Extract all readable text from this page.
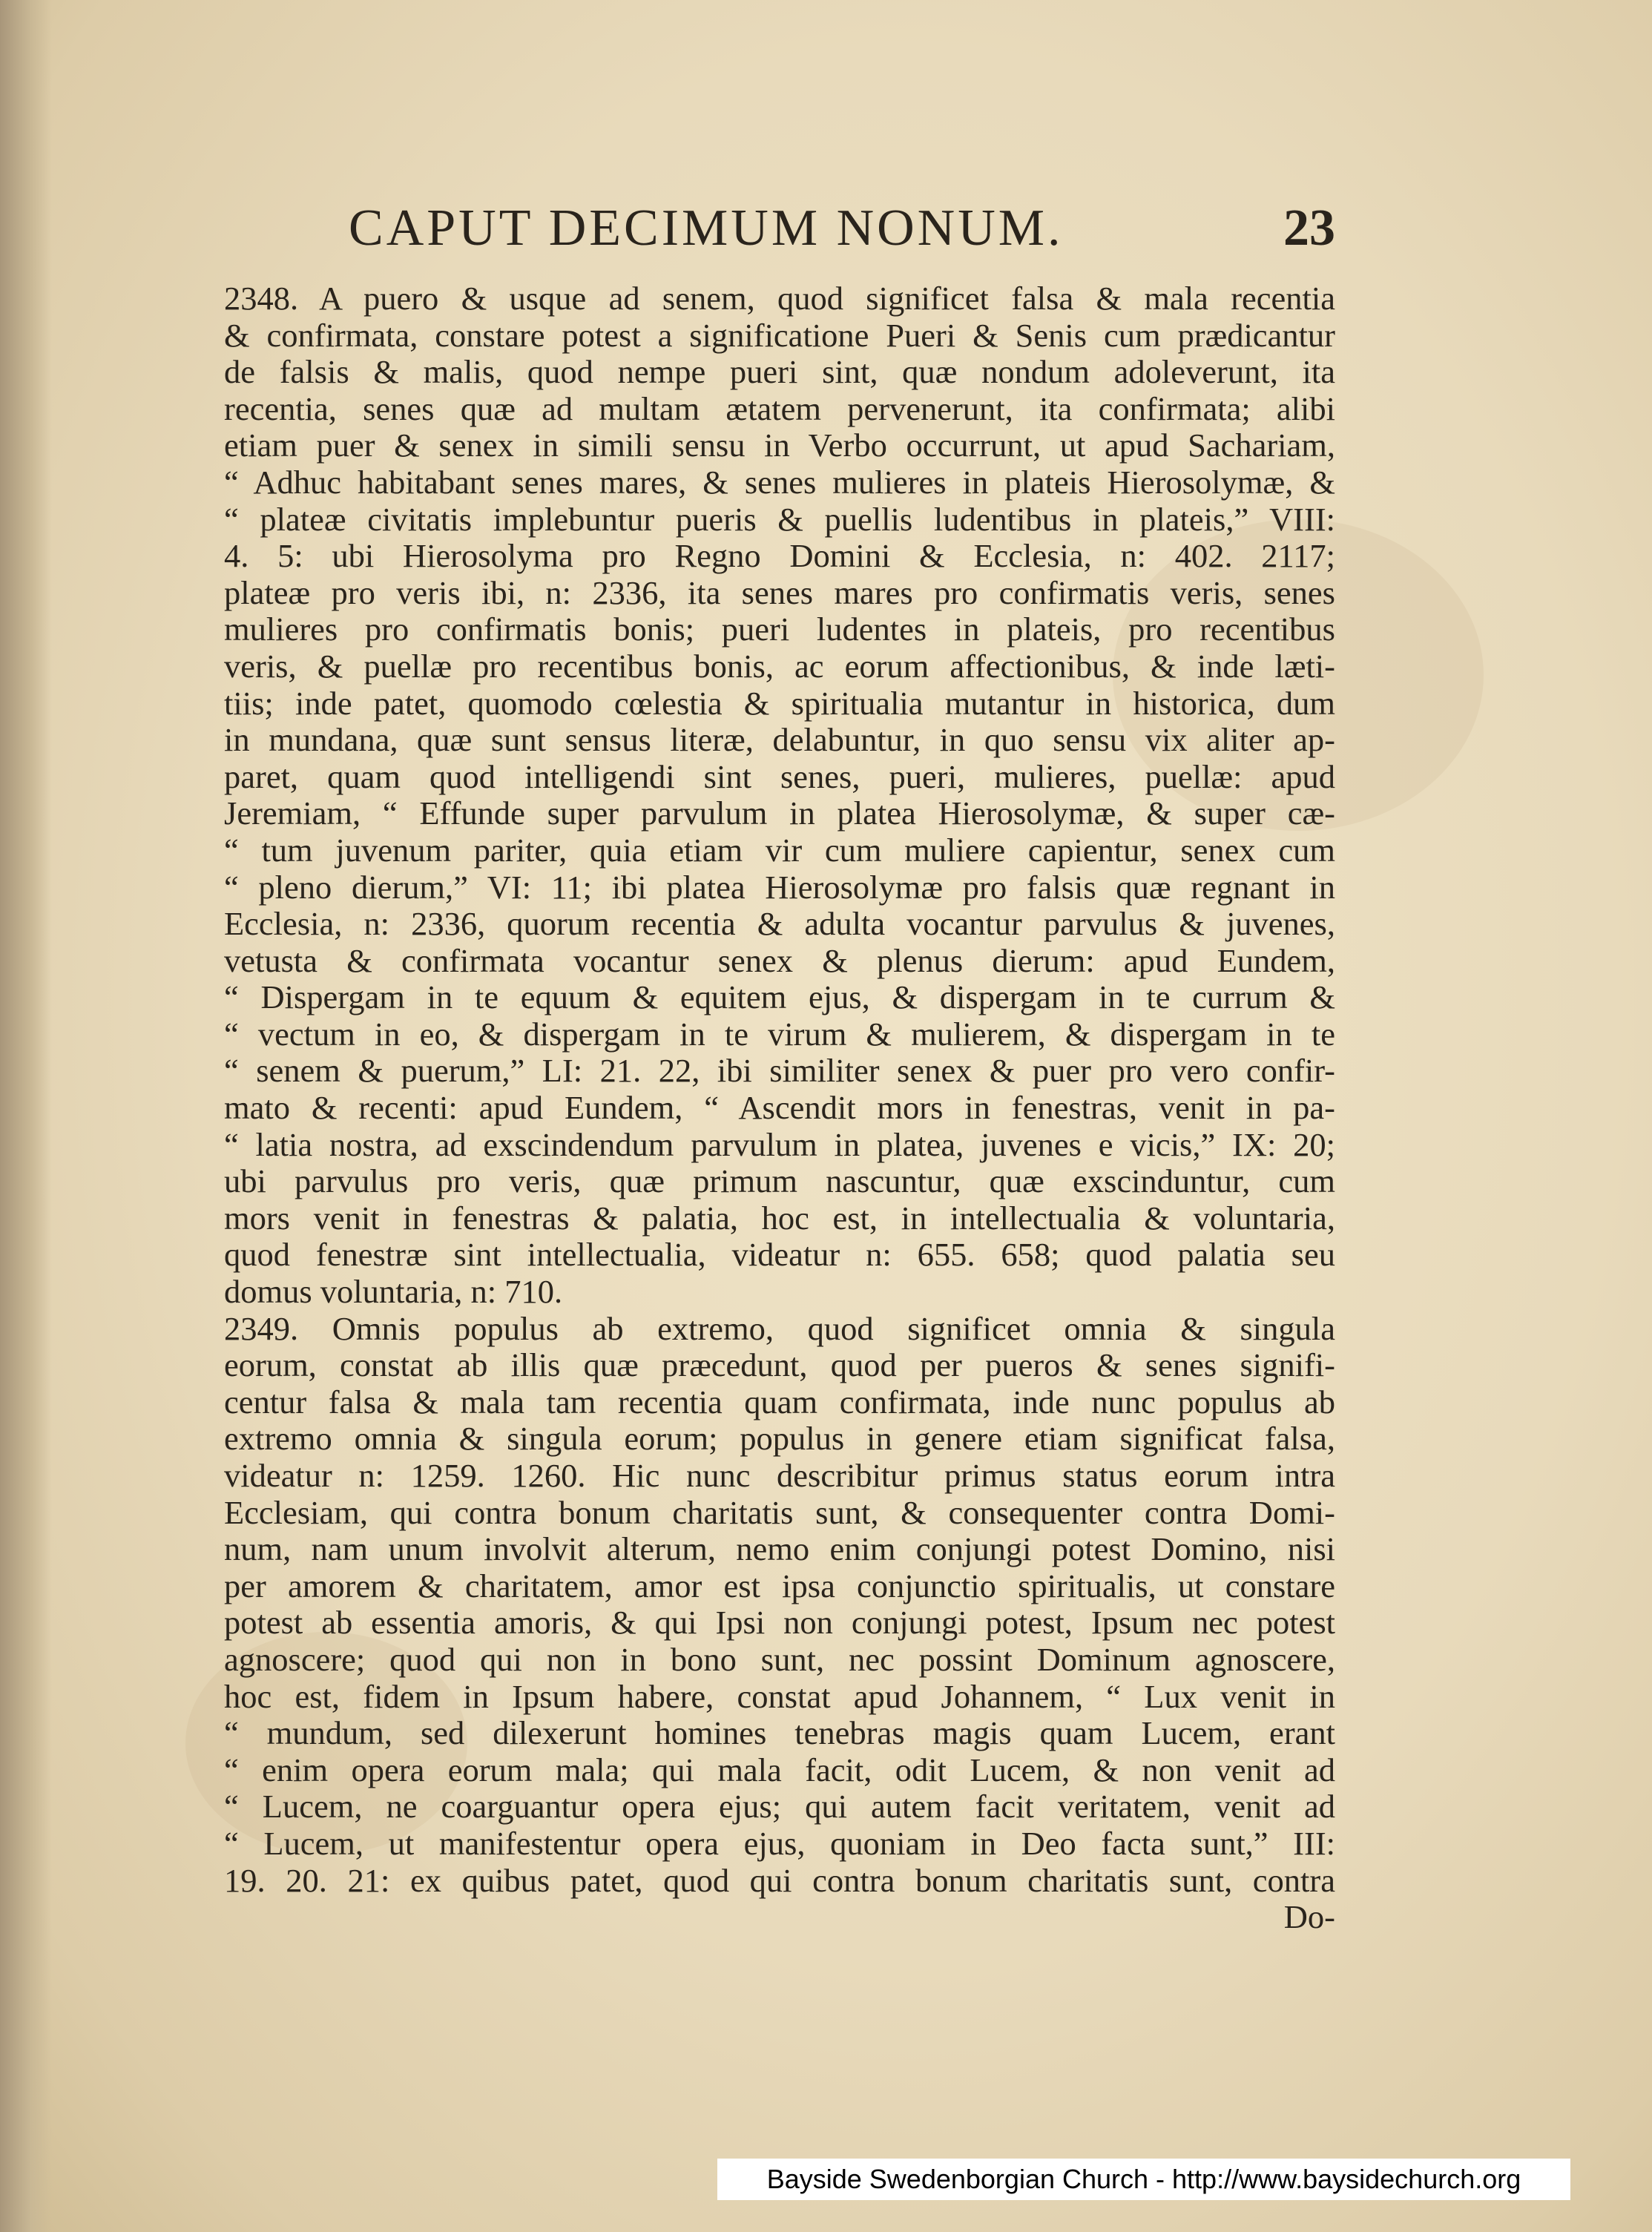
CAPUT DECIMUM NONUM.	23
2348. A puero & usque ad senem, quod significet falsa & mala recentia
& confirmata, constare potest a significatione Pueri & Senis cum prædicantur
de falsis & malis, quod nempe pueri sint, quæ nondum adoleverunt, ita
recentia, senes quæ ad multam ætatem pervenerunt, ita confirmata; alibi
etiam puer & senex in simili sensu in Verbo occurrunt, ut apud Sachariam,
“ Adhuc habitabant senes mares, & senes mulieres in plateis Hierosolymæ, &
“ plateæ civitatis implebuntur pueris & puellis ludentibus in plateis,” VIII:
4. 5: ubi Hierosolyma pro Regno Domini & Ecclesia, n: 402. 2117;
plateæ pro veris ibi, n: 2336, ita senes mares pro confirmatis veris, senes
mulieres pro confirmatis bonis; pueri ludentes in plateis, pro recentibus
veris, & puellæ pro recentibus bonis, ac eorum affectionibus, & inde læti-
tiis; inde patet, quomodo cœlestia & spiritualia mutantur in historica, dum
in mundana, quæ sunt sensus literæ, delabuntur, in quo sensu vix aliter ap-
paret, quam quod intelligendi sint senes, pueri, mulieres, puellæ: apud
Jeremiam, “ Effunde super parvulum in platea Hierosolymæ, & super cæ-
“ tum juvenum pariter, quia etiam vir cum muliere capientur, senex cum
“ pleno dierum,” VI: 11; ibi platea Hierosolymæ pro falsis quæ regnant in
Ecclesia, n: 2336, quorum recentia & adulta vocantur parvulus & juvenes,
vetusta & confirmata vocantur senex & plenus dierum: apud Eundem,
“ Dispergam in te equum & equitem ejus, & dispergam in te currum &
“ vectum in eo, & dispergam in te virum & mulierem, & dispergam in te
“ senem & puerum,” LI: 21. 22, ibi similiter senex & puer pro vero confir-
mato & recenti: apud Eundem, “ Ascendit mors in fenestras, venit in pa-
“ latia nostra, ad exscindendum parvulum in platea, juvenes e vicis,” IX: 20;
ubi parvulus pro veris, quæ primum nascuntur, quæ exscinduntur, cum
mors venit in fenestras & palatia, hoc est, in intellectualia & voluntaria,
quod fenestræ sint intellectualia, videatur n: 655. 658; quod palatia seu
domus voluntaria, n: 710.
2349. Omnis populus ab extremo, quod significet omnia & singula
eorum, constat ab illis quæ præcedunt, quod per pueros & senes signifi-
centur falsa & mala tam recentia quam confirmata, inde nunc populus ab
extremo omnia & singula eorum; populus in genere etiam significat falsa,
videatur n: 1259. 1260. Hic nunc describitur primus status eorum intra
Ecclesiam, qui contra bonum charitatis sunt, & consequenter contra Domi-
num, nam unum involvit alterum, nemo enim conjungi potest Domino, nisi
per amorem & charitatem, amor est ipsa conjunctio spiritualis, ut constare
potest ab essentia amoris, & qui Ipsi non conjungi potest, Ipsum nec potest
agnoscere; quod qui non in bono sunt, nec possint Dominum agnoscere,
hoc est, fidem in Ipsum habere, constat apud Johannem, “ Lux venit in
“ mundum, sed dilexerunt homines tenebras magis quam Lucem, erant
“ enim opera eorum mala; qui mala facit, odit Lucem, & non venit ad
“ Lucem, ne coarguantur opera ejus; qui autem facit veritatem, venit ad
“ Lucem, ut manifestentur opera ejus, quoniam in Deo facta sunt,” III:
19. 20. 21: ex quibus patet, quod qui contra bonum charitatis sunt, contra
Do-
Bayside Swedenborgian Church - http://www.baysidechurch.org
